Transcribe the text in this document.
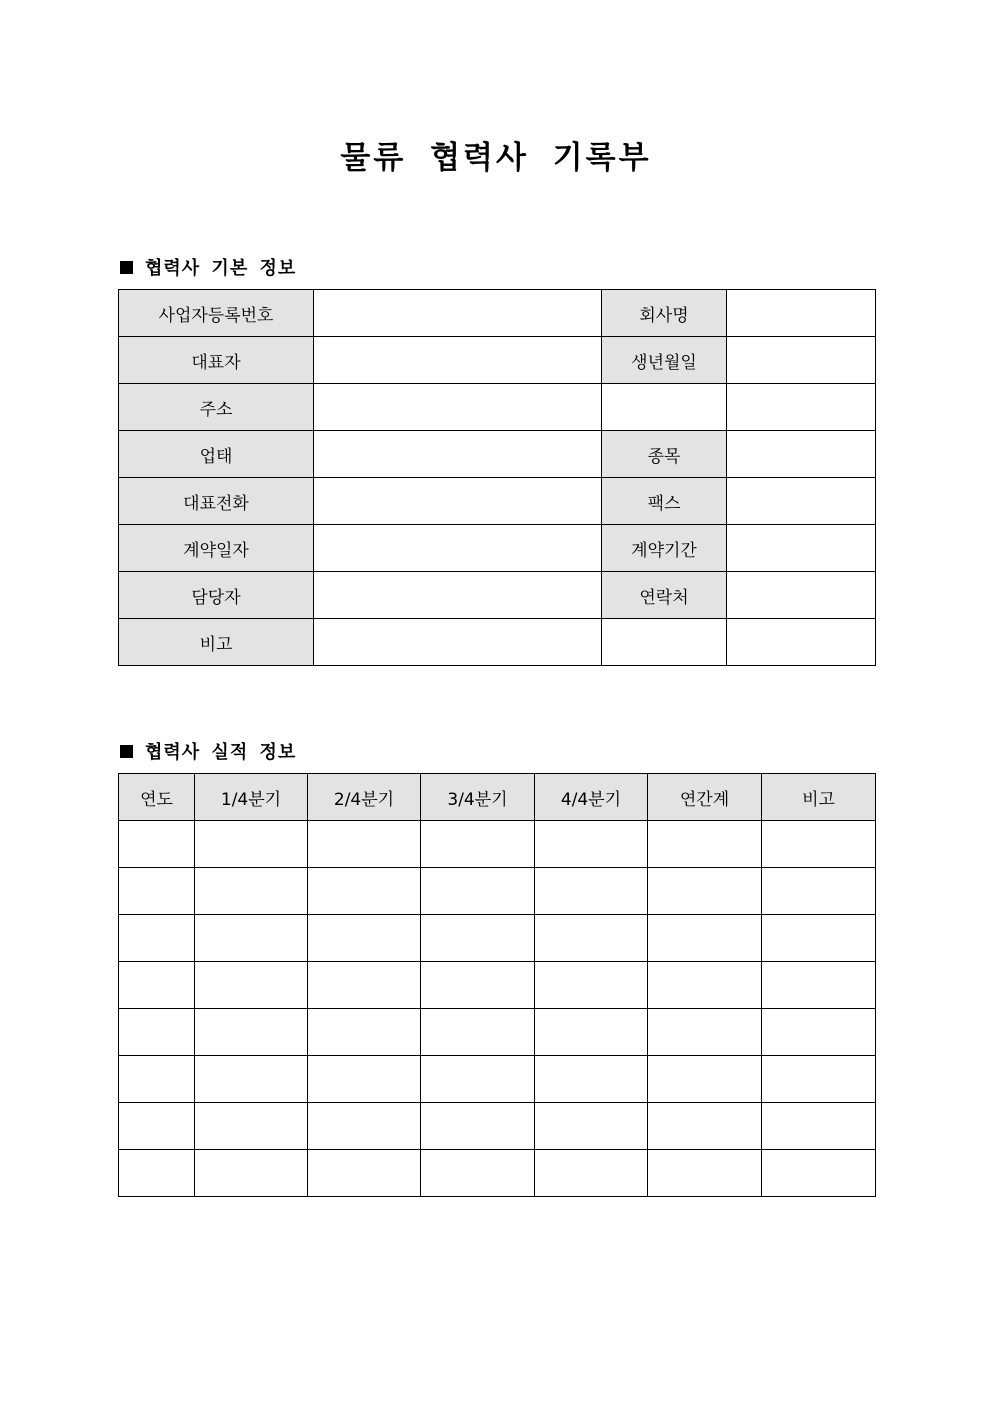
물류 협력사 기록부
협력사 기본 정보
사업자등록번호		회사명	
대표자		생년월일	
주소			
업태		종목	
대표전화		팩스	
계약일자		계약기간	
담당자		연락처	
비고			
협력사 실적 정보
연도	1/4분기	2/4분기	3/4분기	4/4분기	연간계	비고
